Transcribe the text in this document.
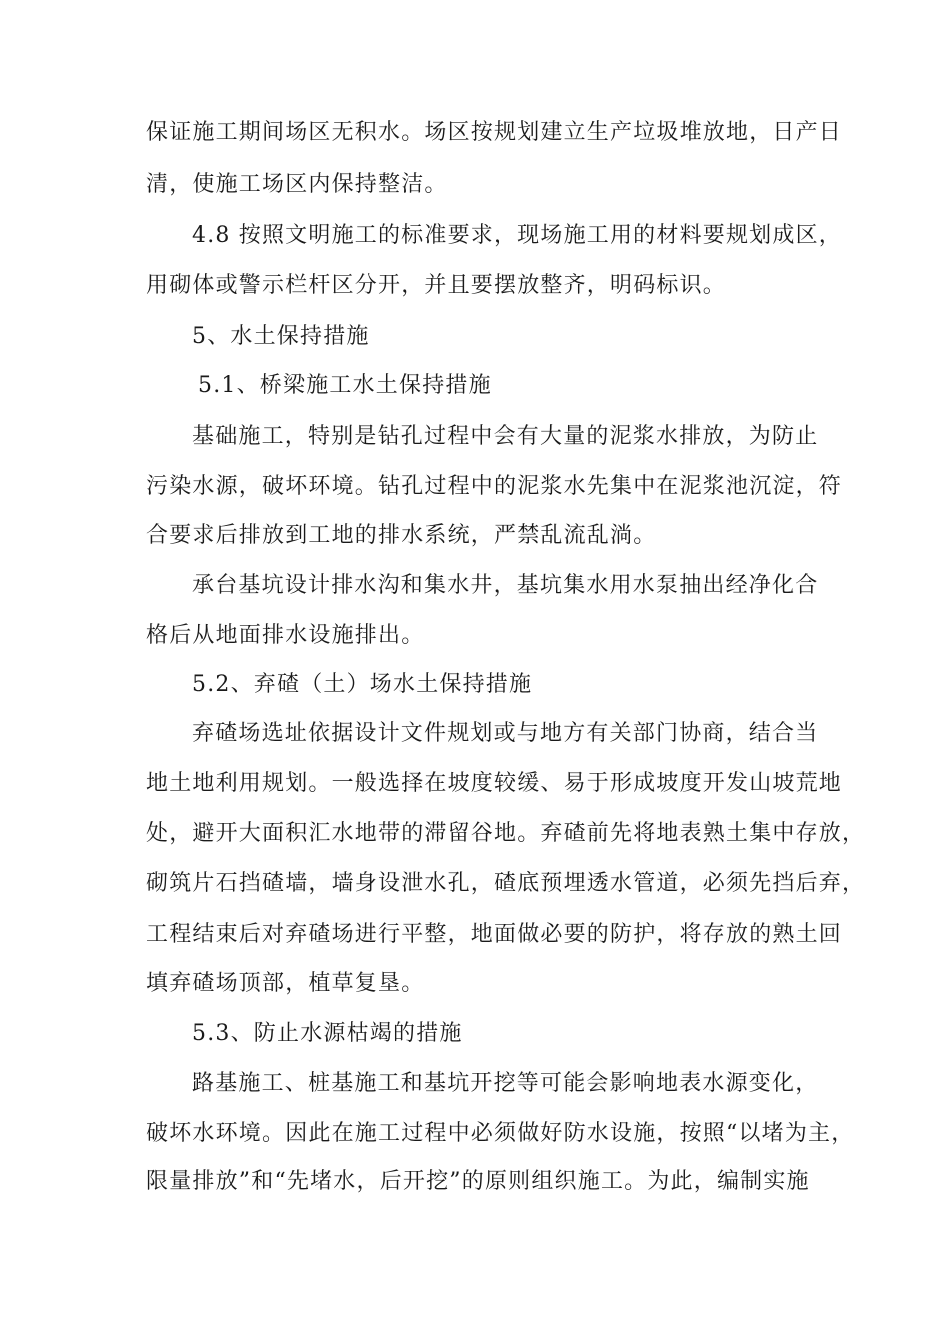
保证施工期间场区无积水。场区按规划建立生产垃圾堆放地，日产日
清，使施工场区内保持整洁。
4.8 按照文明施工的标准要求，现场施工用的材料要规划成区，
用砌体或警示栏杆区分开，并且要摆放整齐，明码标识。
5、水土保持措施
5.1、桥梁施工水土保持措施
基础施工，特别是钻孔过程中会有大量的泥浆水排放，为防止
污染水源，破坏环境。钻孔过程中的泥浆水先集中在泥浆池沉淀，符
合要求后排放到工地的排水系统，严禁乱流乱淌。
承台基坑设计排水沟和集水井，基坑集水用水泵抽出经净化合
格后从地面排水设施排出。
5.2、弃碴（土）场水土保持措施
弃碴场选址依据设计文件规划或与地方有关部门协商，结合当
地土地利用规划。一般选择在坡度较缓、易于形成坡度开发山坡荒地
处，避开大面积汇水地带的滞留谷地。弃碴前先将地表熟土集中存放，
砌筑片石挡碴墙，墙身设泄水孔，碴底预埋透水管道，必须先挡后弃，
工程结束后对弃碴场进行平整，地面做必要的防护，将存放的熟土回
填弃碴场顶部，植草复垦。
5.3、防止水源枯竭的措施
路基施工、桩基施工和基坑开挖等可能会影响地表水源变化，
破坏水环境。因此在施工过程中必须做好防水设施，按照“以堵为主，
限量排放”和“先堵水，后开挖”的原则组织施工。为此，编制实施
